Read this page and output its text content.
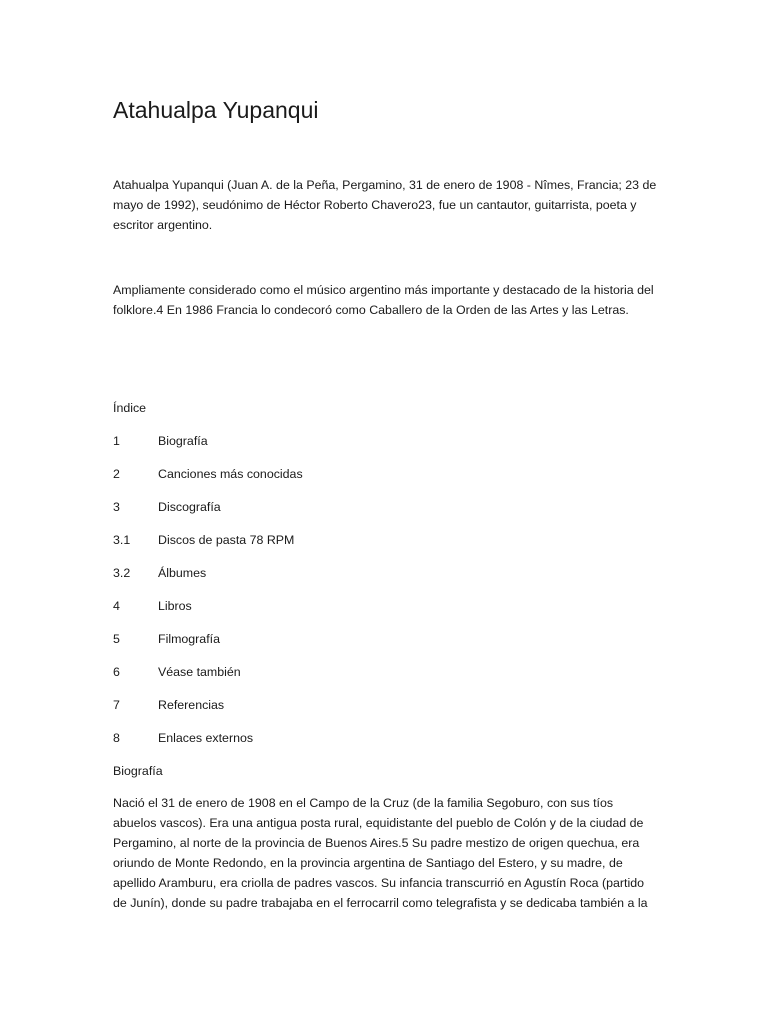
Atahualpa Yupanqui

Atahualpa Yupanqui (Juan A. de la Peña, Pergamino, 31 de enero de 1908 - Nîmes, Francia; 23 de mayo de 1992), seudónimo de Héctor Roberto Chavero23, fue un cantautor, guitarrista, poeta y escritor argentino.

Ampliamente considerado como el músico argentino más importante y destacado de la historia del folklore.4 En 1986 Francia lo condecoró como Caballero de la Orden de las Artes y las Letras.

Índice

1	Biografía
2	Canciones más conocidas
3	Discografía
3.1 Discos de pasta 78 RPM
3.2 Álbumes
4	Libros
5	Filmografía
6	Véase también
7	Referencias
8	Enlaces externos

Biografía

Nació el 31 de enero de 1908 en el Campo de la Cruz (de la familia Segoburo, con sus tíos abuelos vascos). Era una antigua posta rural, equidistante del pueblo de Colón y de la ciudad de Pergamino, al norte de la provincia de Buenos Aires.5 Su padre mestizo de origen quechua, era oriundo de Monte Redondo, en la provincia argentina de Santiago del Estero, y su madre, de apellido Aramburu, era criolla de padres vascos. Su infancia transcurrió en Agustín Roca (partido de Junín), donde su padre trabajaba en el ferrocarril como telegrafista y se dedicaba también a la
